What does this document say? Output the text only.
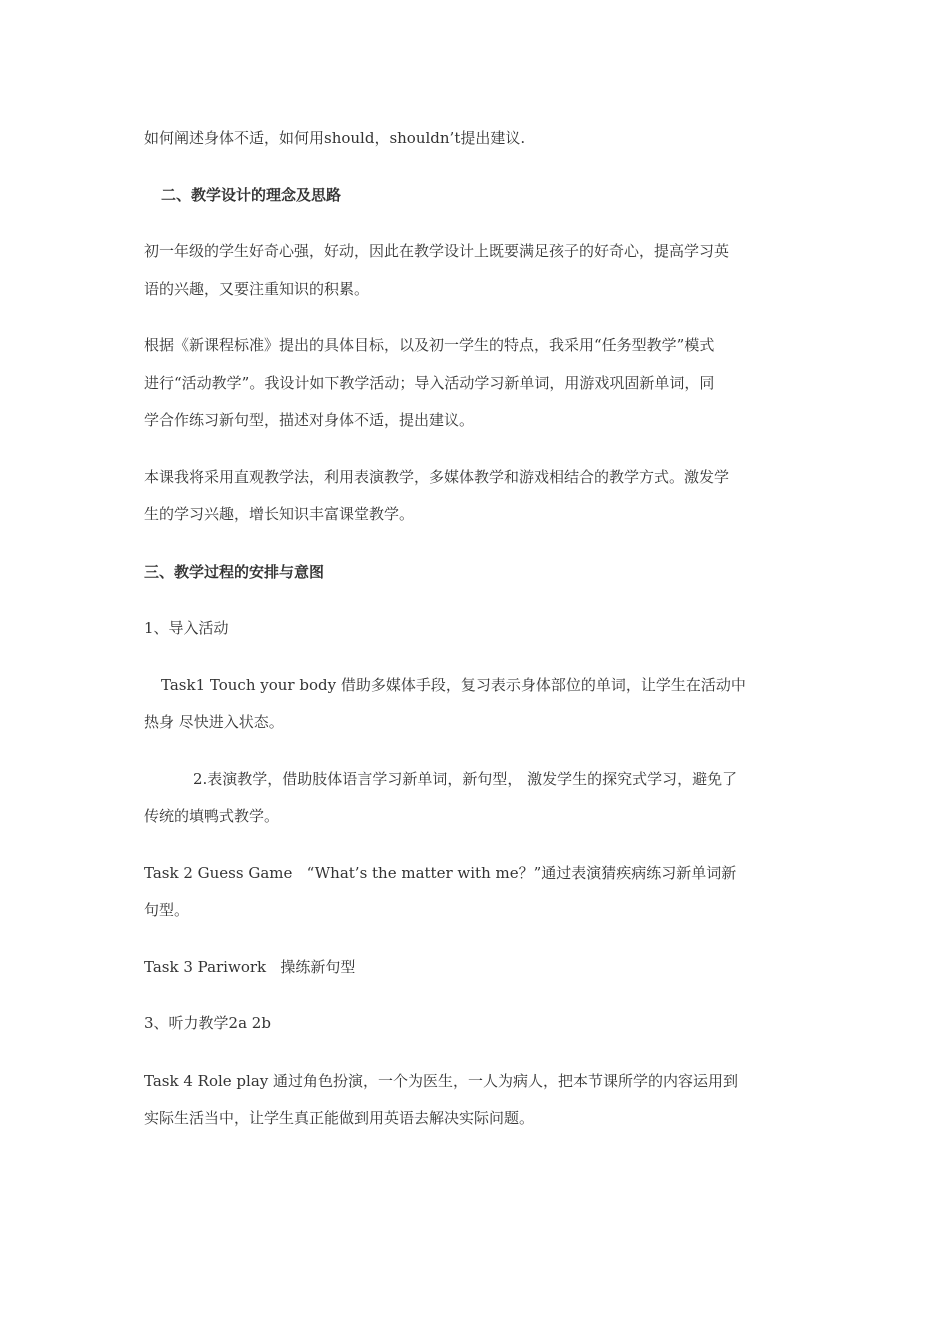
如何阐述身体不适，如何用should，shouldn’t提出建议.
二、教学设计的理念及思路
初一年级的学生好奇心强，好动，因此在教学设计上既要满足孩子的好奇心，提高学习英
语的兴趣，又要注重知识的积累。
根据《新课程标准》提出的具体目标，以及初一学生的特点，我采用“任务型教学”模式
进行“活动教学”。我设计如下教学活动；导入活动学习新单词，用游戏巩固新单词，同
学合作练习新句型，描述对身体不适，提出建议。
本课我将采用直观教学法，利用表演教学，多媒体教学和游戏相结合的教学方式。激发学
生的学习兴趣，增长知识丰富课堂教学。
三、教学过程的安排与意图
1、导入活动
Task1 Touch your body 借助多媒体手段，复习表示身体部位的单词，让学生在活动中
热身 尽快进入状态。
2.表演教学，借助肢体语言学习新单词，新句型， 激发学生的探究式学习，避免了
传统的填鸭式教学。
Task 2 Guess Game   “What’s the matter with me？”通过表演猜疾病练习新单词新
句型。
Task 3 Pariwork   操练新句型
3、听力教学2a 2b
Task 4 Role play 通过角色扮演，一个为医生，一人为病人，把本节课所学的内容运用到
实际生活当中，让学生真正能做到用英语去解决实际问题。
